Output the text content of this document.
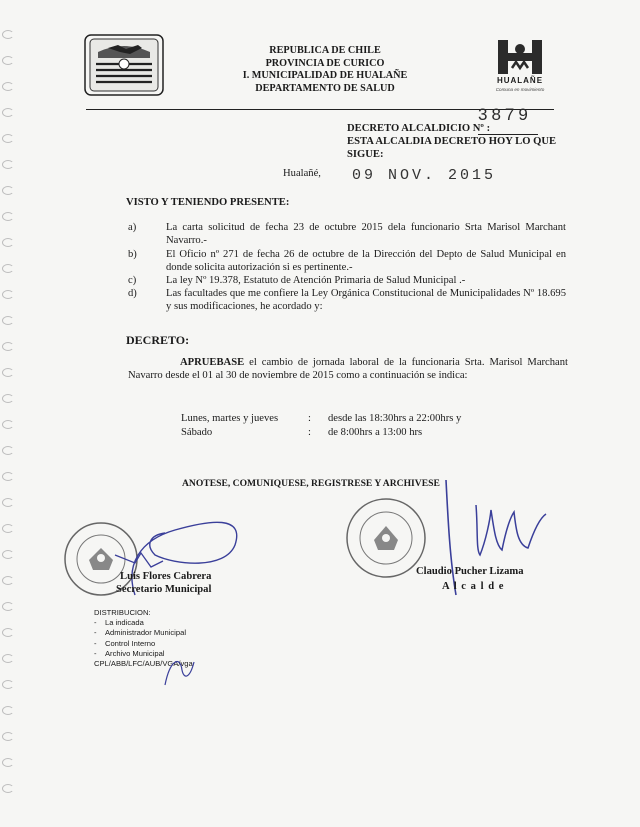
REPUBLICA DE CHILE
PROVINCIA DE CURICO
I. MUNICIPALIDAD DE HUALAÑE
DEPARTAMENTO DE SALUD
HUALAÑE
Comuna en movimiento
DECRETO ALCALDICIO Nº :
3879
ESTA ALCALDIA DECRETO HOY LO QUE
SIGUE:
Hualañé, 09 NOV. 2015
VISTO Y TENIENDO PRESENTE:
a)	La carta solicitud de fecha 23 de octubre 2015 dela funcionario Srta Marisol Marchant Navarro.-
b)	El Oficio nº 271 de fecha 26 de octubre de la Dirección del Depto de Salud Municipal en donde solicita autorización si es pertinente.-
c)	La ley Nº 19.378, Estatuto de Atención Primaria de Salud Municipal .-
d)	Las facultades que me confiere la Ley Orgánica Constitucional de Municipalidades Nº 18.695 y sus modificaciones, he acordado y:
DECRETO:
APRUEBASE el cambio de jornada laboral de la funcionaria Srta. Marisol Marchant Navarro desde el 01 al 30 de noviembre de 2015 como a continuación se indica:
Lunes, martes y jueves	: desde las 18:30hrs a 22:00hrs y
Sábado	: de 8:00hrs a 13:00 hrs
ANOTESE, COMUNIQUESE, REGISTRESE Y ARCHIVESE
Luis Flores Cabrera
Secretario Municipal
Claudio Pucher Lizama
A l c a l d e
DISTRIBUCION:
-    La indicada
-    Administrador Municipal
-    Control Interno
-    Archivo Municipal
CPL/ABB/LFC/AUB/VGA/vga
